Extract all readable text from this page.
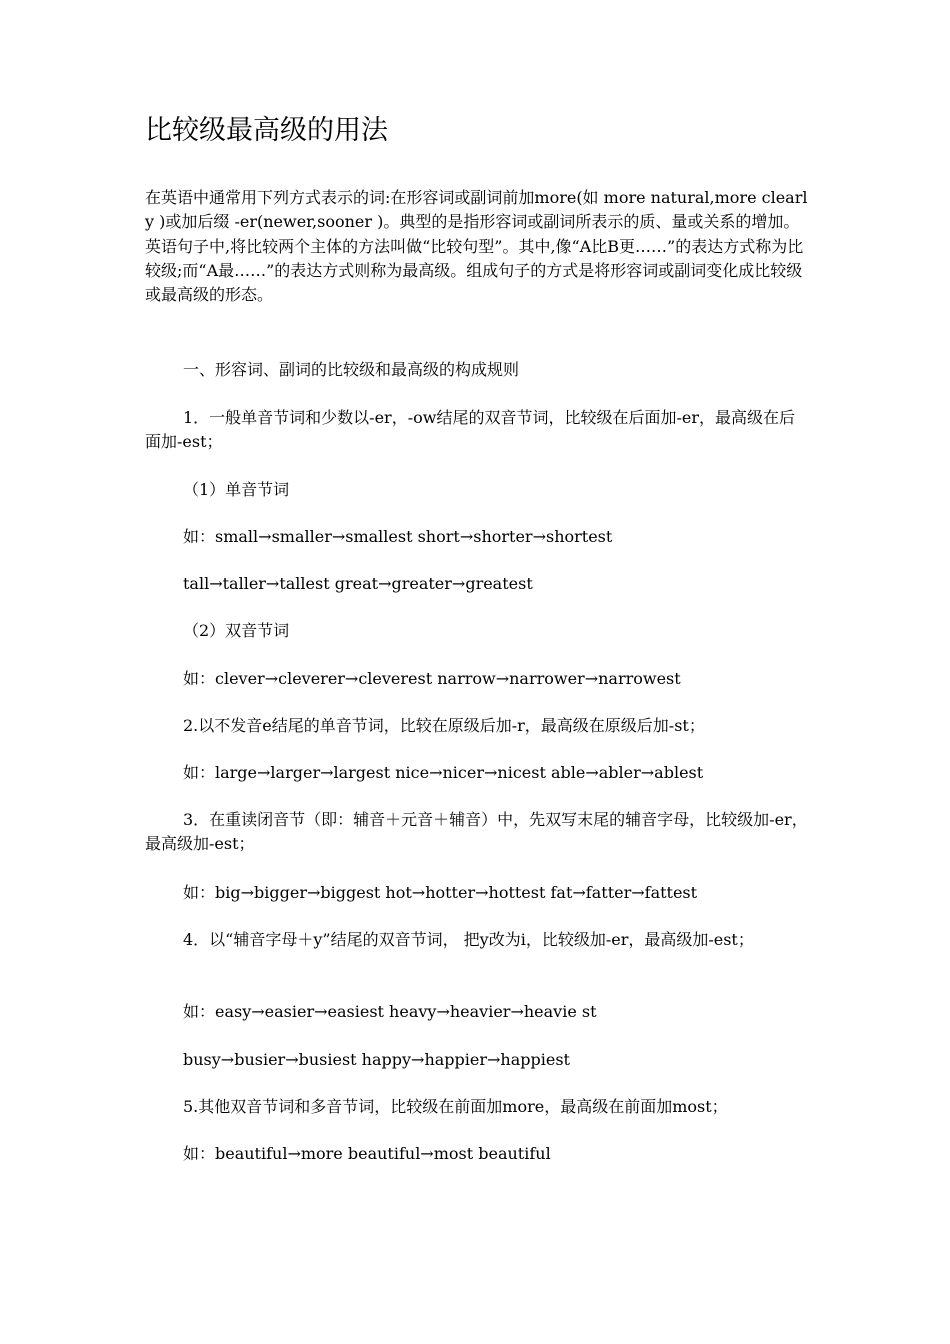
比较级最高级的用法
在英语中通常用下列方式表示的词:在形容词或副词前加more(如 more natural,more clearly )或加后缀 -er(newer,sooner )。典型的是指形容词或副词所表示的质、量或关系的增加。英语句子中,将比较两个主体的方法叫做“比较句型”。其中,像“A比B更……”的表达方式称为比较级;而“A最……”的表达方式则称为最高级。组成句子的方式是将形容词或副词变化成比较级或最高级的形态。
一、形容词、副词的比较级和最高级的构成规则
1．一般单音节词和少数以-er，-ow结尾的双音节词，比较级在后面加-er，最高级在后面加-est；
（1）单音节词
如：small→smaller→smallest short→shorter→shortest
tall→taller→tallest great→greater→greatest
（2）双音节词
如：clever→cleverer→cleverest narrow→narrower→narrowest
2.以不发音e结尾的单音节词，比较在原级后加-r，最高级在原级后加-st；
如：large→larger→largest nice→nicer→nicest able→abler→ablest
3．在重读闭音节（即：辅音＋元音＋辅音）中，先双写末尾的辅音字母，比较级加-er，最高级加-est；
如：big→bigger→biggest hot→hotter→hottest fat→fatter→fattest
4．以“辅音字母＋y”结尾的双音节词， 把y改为i，比较级加-er，最高级加-est；
如：easy→easier→easiest heavy→heavier→heavie st
busy→busier→busiest happy→happier→happiest
5.其他双音节词和多音节词，比较级在前面加more，最高级在前面加most；
如：beautiful→more beautiful→most beautiful
